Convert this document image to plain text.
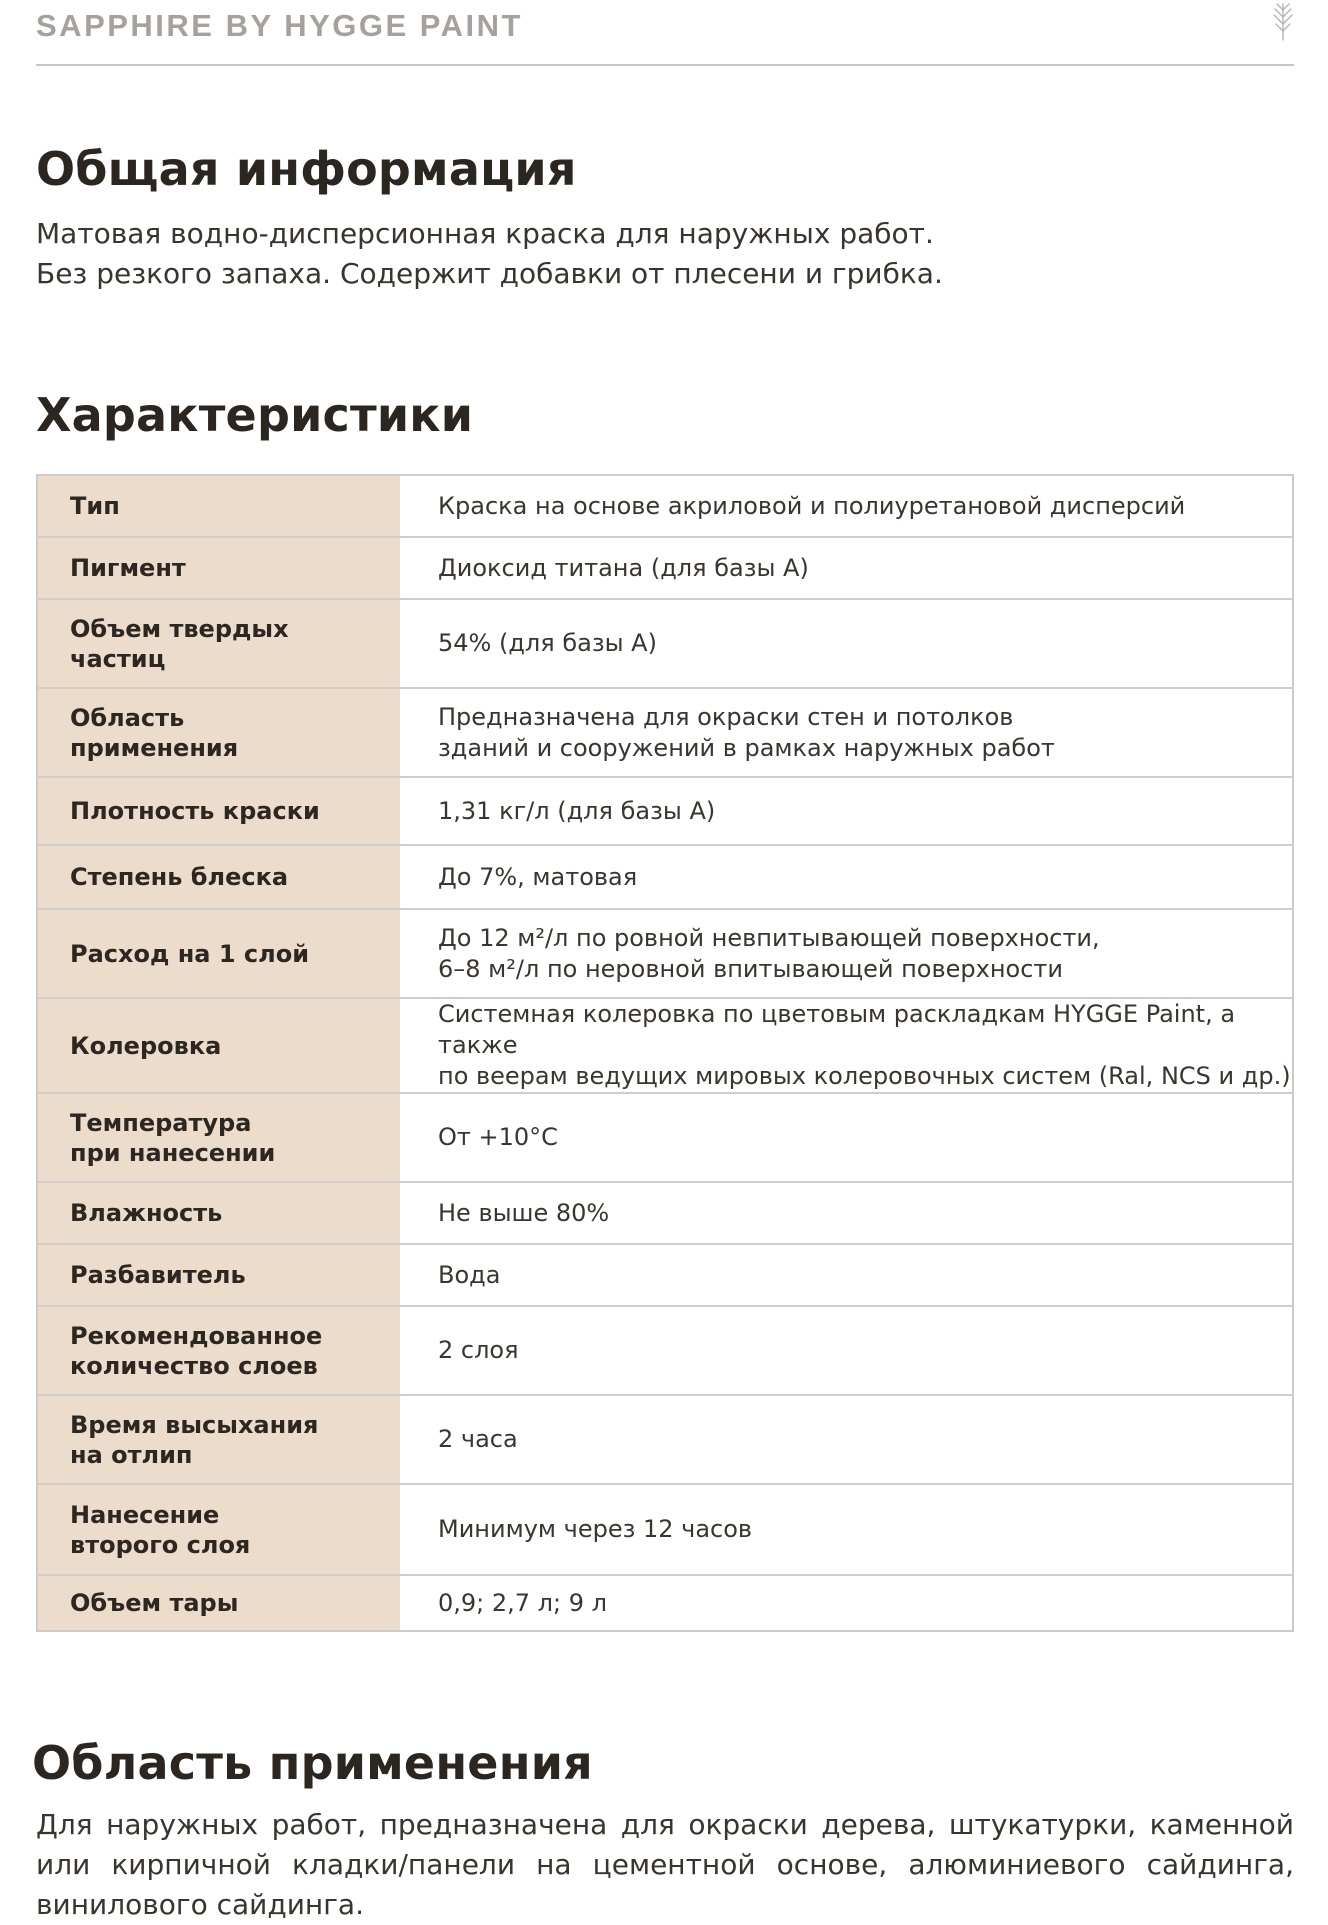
SAPPHIRE BY HYGGE PAINT
Общая информация
Матовая водно-дисперсионная краска для наружных работ.
Без резкого запаха. Содержит добавки от плесени и грибка.
Характеристики
Тип	Краска на основе акриловой и полиуретановой дисперсий

Пигмент	Диоксид титана (для базы А)

Объем твердых
частиц	54% (для базы А)

Область
применения	Предназначена для окраски стен и потолков
зданий и сооружений в рамках наружных работ

Плотность краски	1,31 кг/л (для базы А)

Степень блеска	До 7%, матовая

Расход на 1 слой	До 12 м²/л по ровной невпитывающей поверхности,
6–8 м²/л по неровной впитывающей поверхности

Колеровка	Системная колеровка по цветовым раскладкам HYGGE Paint, а также
по веерам ведущих мировых колеровочных систем (Ral, NCS и др.)

Температура
при нанесении	От +10°С

Влажность	Не выше 80%

Разбавитель	Вода

Рекомендованное
количество слоев	2 слоя

Время высыхания
на отлип	2 часа

Нанесение
второго слоя	Минимум через 12 часов

Объем тары	0,9; 2,7 л; 9 л
Область применения
Для наружных работ, предназначена для окраски дерева, штукатурки, каменной или кирпичной кладки/панели на цементной основе, алюминиевого сайдинга, винилового сайдинга.
